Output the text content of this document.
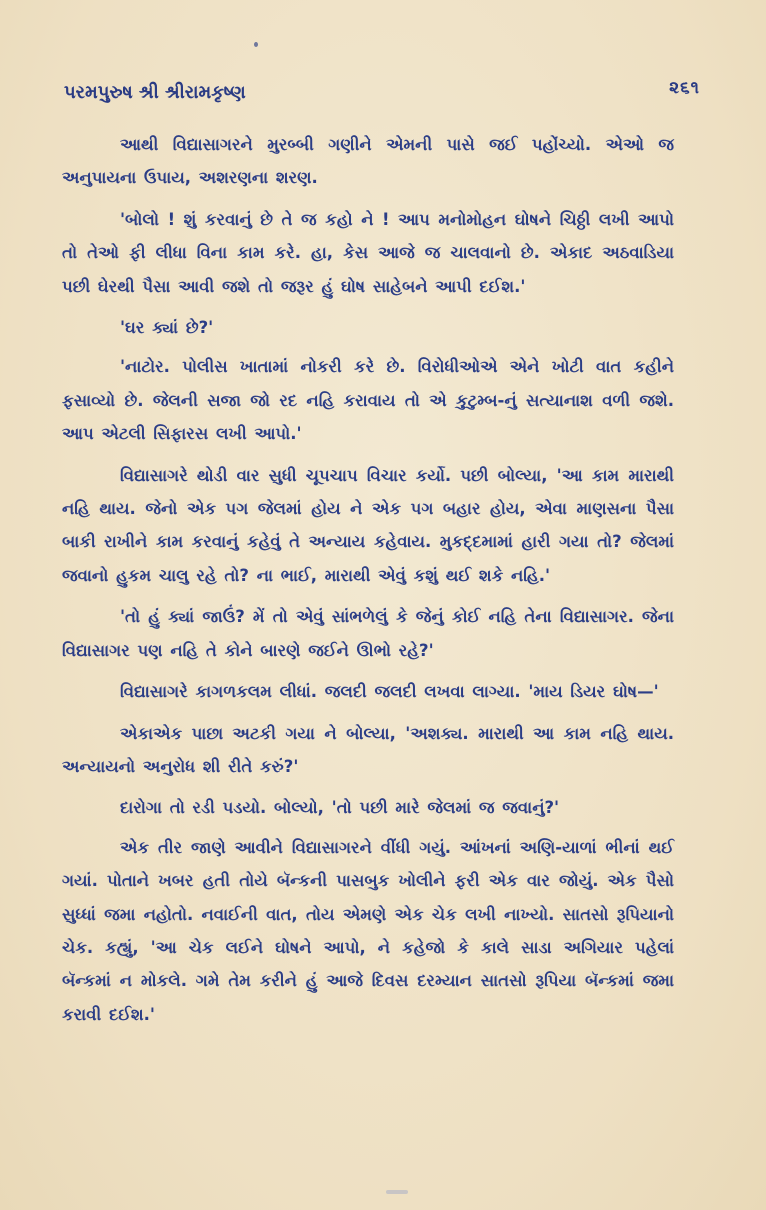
પરમપુરુષ શ્રી શ્રીરામકૃષ્ણ	૨૬૧

આથી વિદ્યાસાગરને મુરબ્બી ગણીને એમની પાસે જઈ પહોંચ્યો. એઓ જ અનુપાયના ઉપાય, અશરણના શરણ.

'બોલો ! શું કરવાનું છે તે જ કહો ને ! આપ મનોમોહન ઘોષને ચિઠ્ઠી લખી આપો તો તેઓ ફી લીધા વિના કામ કરે. હા, કેસ આજે જ ચાલવાનો છે. એકાદ અઠવાડિયા પછી ઘેરથી પૈસા આવી જશે તો જરૂર હું ઘોષ સાહેબને આપી દઈશ.'

'ઘર ક્યાં છે?'

'નાટોર. પોલીસ ખાતામાં નોકરી કરે છે. વિરોધીઓએ એને ખોટી વાત કહીને ફસાવ્યો છે. જેલની સજા જો રદ નહિ કરાવાય તો એ કુટુમ્બ-નું સત્યાનાશ વળી જશે. આપ એટલી સિફારસ લખી આપો.'

વિદ્યાસાગરે થોડી વાર સુધી ચૂપચાપ વિચાર કર્યો. પછી બોલ્યા, 'આ કામ મારાથી નહિ થાય. જેનો એક પગ જેલમાં હોય ને એક પગ બહાર હોય, એવા માણસના પૈસા બાકી રાખીને કામ કરવાનું કહેવું તે અન્યાય કહેવાય. મુકદ્દમામાં હારી ગયા તો? જેલમાં જવાનો હુકમ ચાલુ રહે તો? ના ભાઈ, મારાથી એવું કશું થઈ શકે નહિ.'

'તો હું ક્યાં જાઉં? મેં તો એવું સાંભળેલું કે જેનું કોઈ નહિ તેના વિદ્યાસાગર. જેના વિદ્યાસાગર પણ નહિ તે કોને બારણે જઈને ઊભો રહે?'

વિદ્યાસાગરે કાગળકલમ લીધાં. જલદી જલદી લખવા લાગ્યા. 'માય ડિયર ઘોષ—'

એકાએક પાછા અટકી ગયા ને બોલ્યા, 'અશક્ય. મારાથી આ કામ નહિ થાય. અન્યાયનો અનુરોધ શી રીતે કરું?'

દારોગા તો રડી પડયો. બોલ્યો, 'તો પછી મારે જેલમાં જ જવાનું?'

એક તીર જાણે આવીને વિદ્યાસાગરને વીંધી ગયું. આંખનાં અણિ-યાળાં ભીનાં થઈ ગયાં. પોતાને ખબર હતી તોયે બૅન્કની પાસબુક ખોલીને ફરી એક વાર જોયું. એક પૈસો સુધ્ધાં જમા નહોતો. નવાઈની વાત, તોય એમણે એક ચેક લખી નાખ્યો. સાતસો રૂપિયાનો ચેક. કહ્યું, 'આ ચેક લઈને ઘોષને આપો, ને કહેજો કે કાલે સાડા અગિયાર પહેલાં બૅન્કમાં ન મોકલે. ગમે તેમ કરીને હું આજે દિવસ દરમ્યાન સાતસો રૂપિયા બૅન્કમાં જમા કરાવી દઈશ.'
